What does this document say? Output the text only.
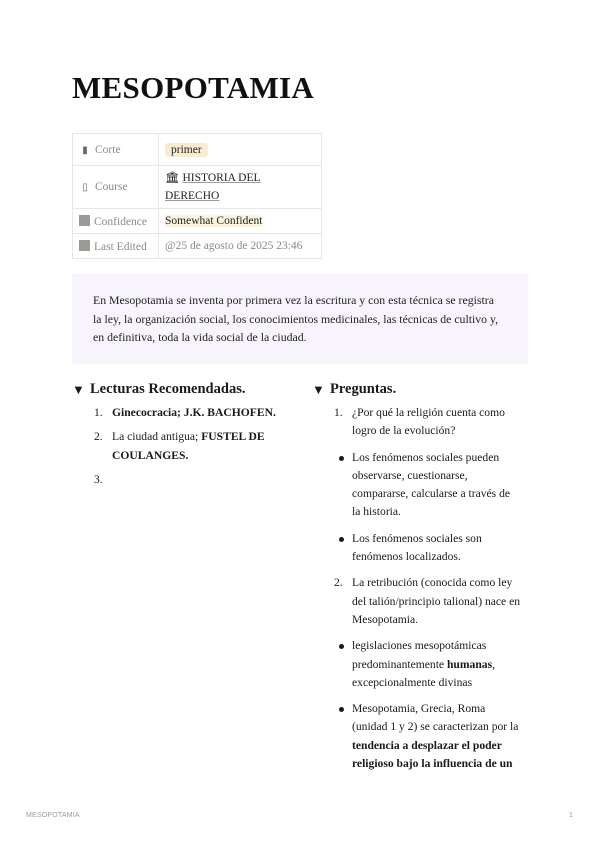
MESOPOTAMIA
▮ Corte	primer
▯ Course	🏛 HISTORIA DEL
DERECHO
Confidence	Somewhat Confident
Last Edited	@25 de agosto de 2025 23:46
En Mesopotamia se inventa por primera vez la escritura y con esta técnica se registra
la ley, la organización social, los conocimientos medicinales, las técnicas de cultivo y,
en definitiva, toda la vida social de la ciudad.
▼ Lecturas Recomendadas.
1. Ginecocracia; J.K. BACHOFEN.
2. La ciudad antigua; FUSTEL DE
COULANGES.
3.

▼ Preguntas.
1. ¿Por qué la religión cuenta como
logro de la evolución?
Los fenómenos sociales pueden
observarse, cuestionarse,
compararse, calcularse a través de
la historia.
Los fenómenos sociales son
fenómenos localizados.
2. La retribución (conocida como ley
del talión/principio talional) nace en
Mesopotamia.
legislaciones mesopotámicas
predominantemente humanas,
excepcionalmente divinas
Mesopotamia, Grecia, Roma
(unidad 1 y 2) se caracterizan por la
tendencia a desplazar el poder
religioso bajo la influencia de un
MESOPOTAMIA	1
